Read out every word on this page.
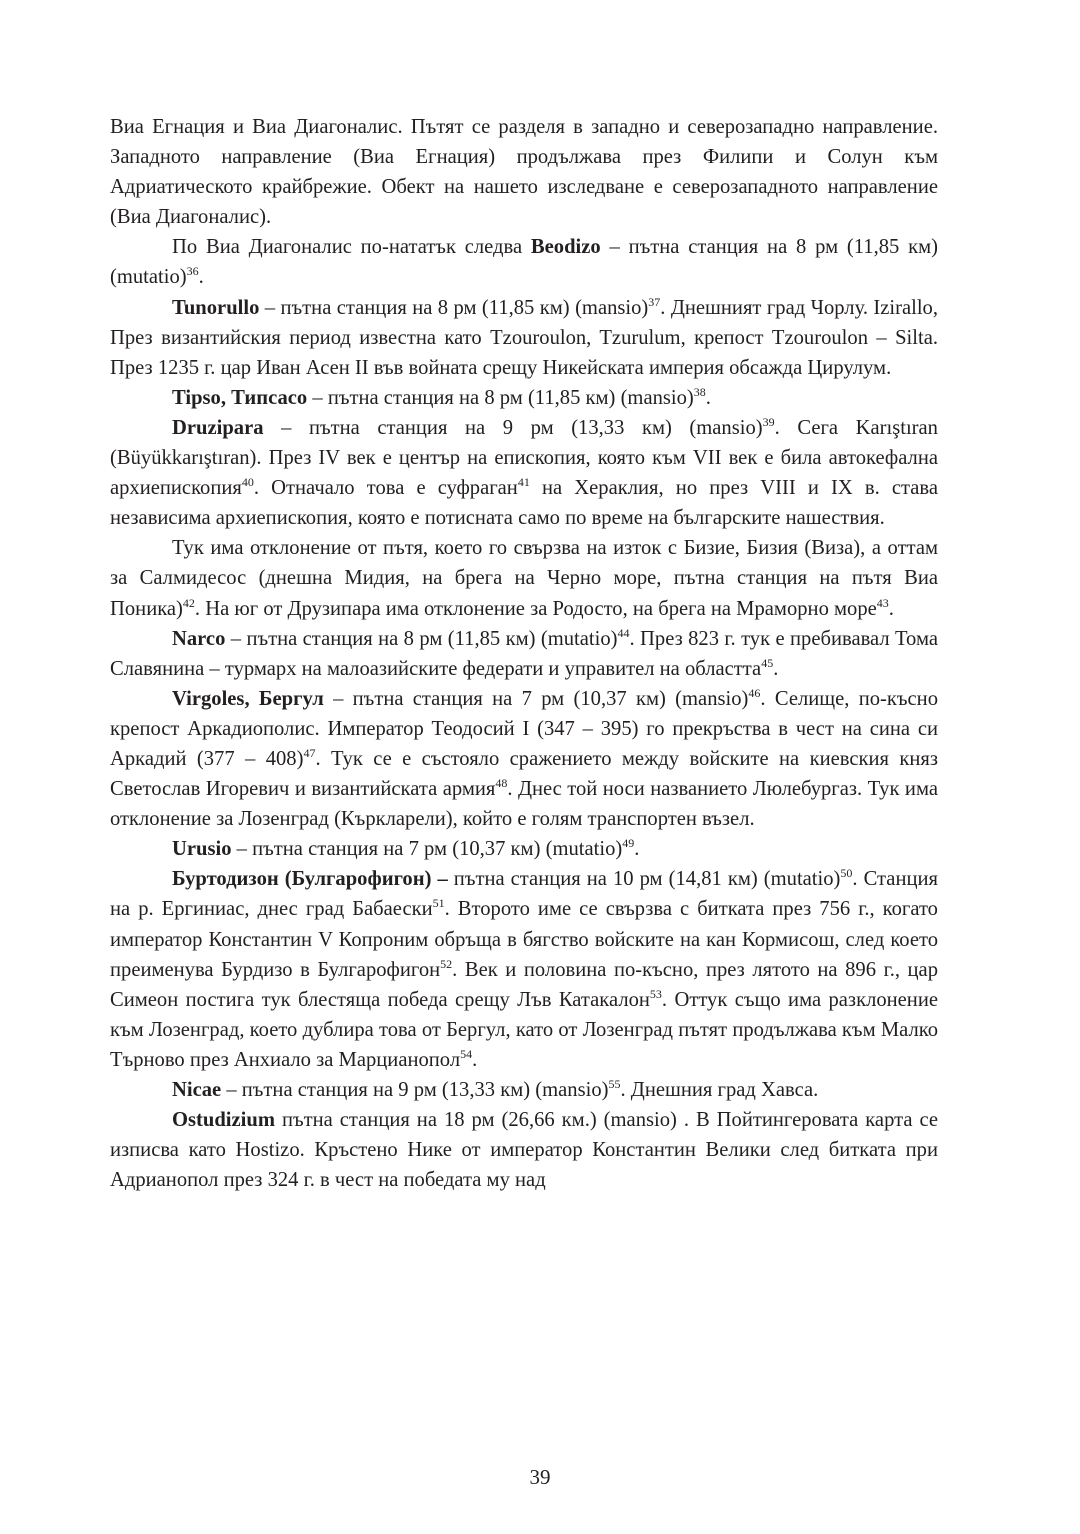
Виа Егнация и Виа Диагоналис. Пътят се разделя в западно и северозападно направление. Западното направление (Виа Егнация) продължава през Филипи и Солун към Адриатическото крайбрежие. Обект на нашето изследване е северозападното направление (Виа Диагоналис).

По Виа Диагоналис по-нататък следва Beodizo – пътна станция на 8 рм (11,85 км) (mutatio)$^{36}$.

Tunorullo – пътна станция на 8 рм (11,85 км) (mansio)$^{37}$. Днешният град Чорлу. Izirallo, През византийския период известна като Tzouroulon, Tzurulum, крепост Tzouroulon – Silta. През 1235 г. цар Иван Асен II във войната срещу Никейската империя обсажда Цирулум.

Tipso, Типсасо – пътна станция на 8 рм (11,85 км) (mansio)$^{38}$.

Druzipara – пътна станция на 9 рм (13,33 км) (mansio)$^{39}$. Сега Karıştıran (Büyükkarıştıran). През IV век е център на епископия, която към VII век е била автокефална архиепископия$^{40}$. Отначало това е суфраган$^{41}$ на Хераклия, но през VIII и IX в. става независима архиепископия, която е потисната само по време на българските нашествия.

Тук има отклонение от пътя, което го свързва на изток с Бизие, Бизия (Виза), а оттам за Салмидесос (днешна Мидия, на брега на Черно море, пътна станция на пътя Виа Поника)$^{42}$. На юг от Друзипара има отклонение за Родосто, на брега на Мраморно море$^{43}$.

Narco – пътна станция на 8 рм (11,85 км) (mutatio)$^{44}$. През 823 г. тук е пребивавал Тома Славянина – турмарх на малоазийските федерати и управител на областта$^{45}$.

Virgoles, Бергул – пътна станция на 7 рм (10,37 км) (mansio)$^{46}$. Селище, по-късно крепост Аркадиополис. Император Теодосий I (347 – 395) го прекръства в чест на сина си Аркадий (377 – 408)$^{47}$. Тук се е състояло сражението между войските на киевския княз Светослав Игоревич и византийската армия$^{48}$. Днес той носи названието Люлебургаз. Тук има отклонение за Лозенград (Къркларели), който е голям транспортен възел.

Urusio – пътна станция на 7 рм (10,37 км) (mutatio)$^{49}$.

Буртодизон (Булгарофигон) – пътна станция на 10 рм (14,81 км) (mutatio)$^{50}$. Станция на р. Ергиниас, днес град Бабаески$^{51}$. Второто име се свързва с битката през 756 г., когато император Константин V Копроним обръща в бягство войските на кан Кормисош, след което преименува Бурдизо в Булгарофигон$^{52}$. Век и половина по-късно, през лятото на 896 г., цар Симеон постига тук блестяща победа срещу Лъв Катакалон$^{53}$. Оттук също има разклонение към Лозенград, което дублира това от Бергул, като от Лозенград пътят продължава към Малко Търново през Анхиало за Марцианопол$^{54}$.

Nicae – пътна станция на 9 рм (13,33 км) (mansio)$^{55}$. Днешния град Хавса.

Ostudizium пътна станция на 18 рм (26,66 км.) (mansio) . В Пойтингеровата карта се изписва като Hostizo. Кръстено Нике от император Константин Велики след битката при Адрианопол през 324 г. в чест на победата му над

39
